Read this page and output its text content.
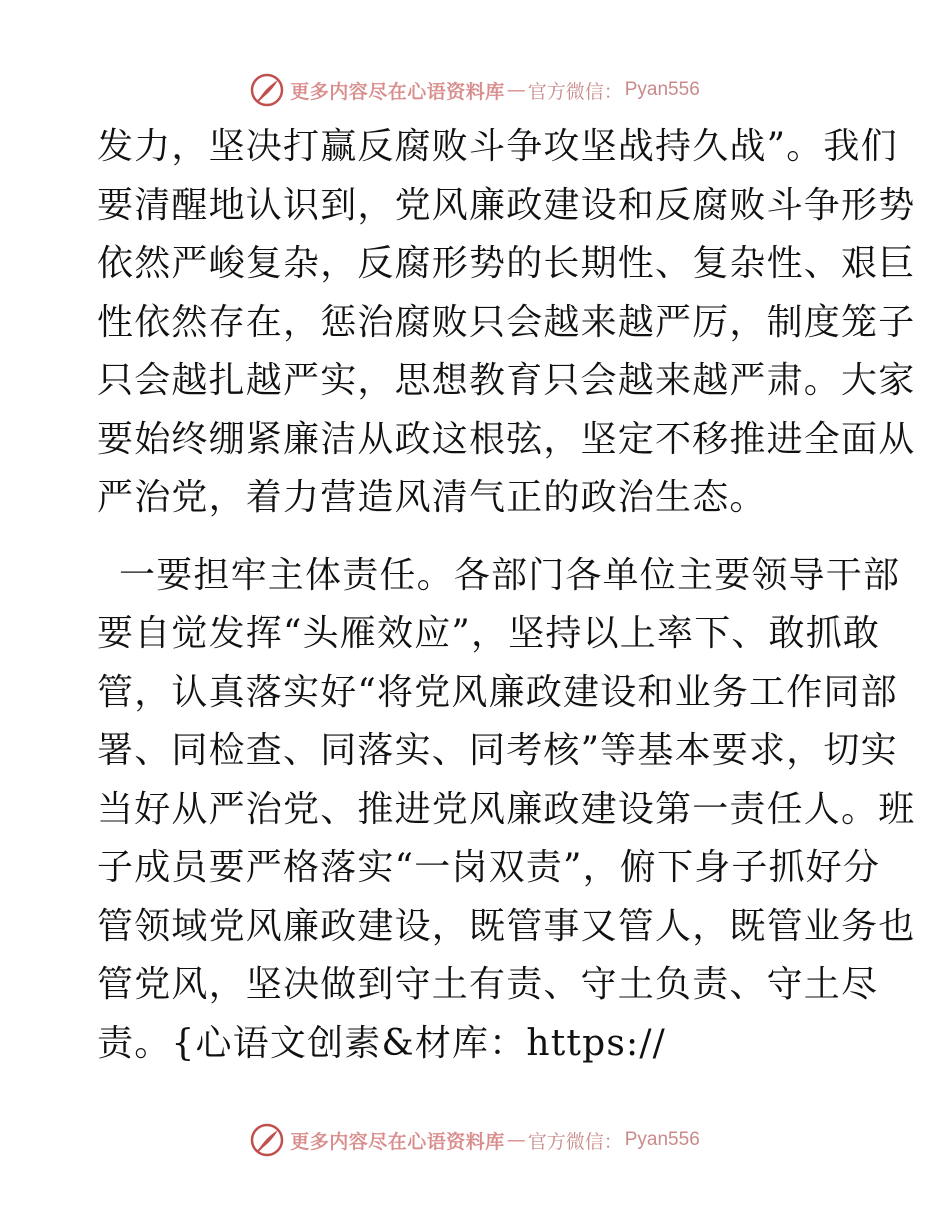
更多内容尽在心语资料库 — 官方微信： Pyan556
发力，坚决打赢反腐败斗争攻坚战持久战”。我们
要清醒地认识到，党风廉政建设和反腐败斗争形势
依然严峻复杂，反腐形势的长期性、复杂性、艰巨
性依然存在，惩治腐败只会越来越严厉，制度笼子
只会越扎越严实，思想教育只会越来越严肃。大家
要始终绷紧廉洁从政这根弦，坚定不移推进全面从
严治党，着力营造风清气正的政治生态。
一要担牢主体责任。各部门各单位主要领导干部
要自觉发挥“头雁效应”，坚持以上率下、敢抓敢
管，认真落实好“将党风廉政建设和业务工作同部
署、同检查、同落实、同考核”等基本要求，切实
当好从严治党、推进党风廉政建设第一责任人。班
子成员要严格落实“一岗双责”，俯下身子抓好分
管领域党风廉政建设，既管事又管人，既管业务也
管党风，坚决做到守土有责、守土负责、守土尽
责。{心语文创素&材库：https://
更多内容尽在心语资料库 — 官方微信： Pyan556
